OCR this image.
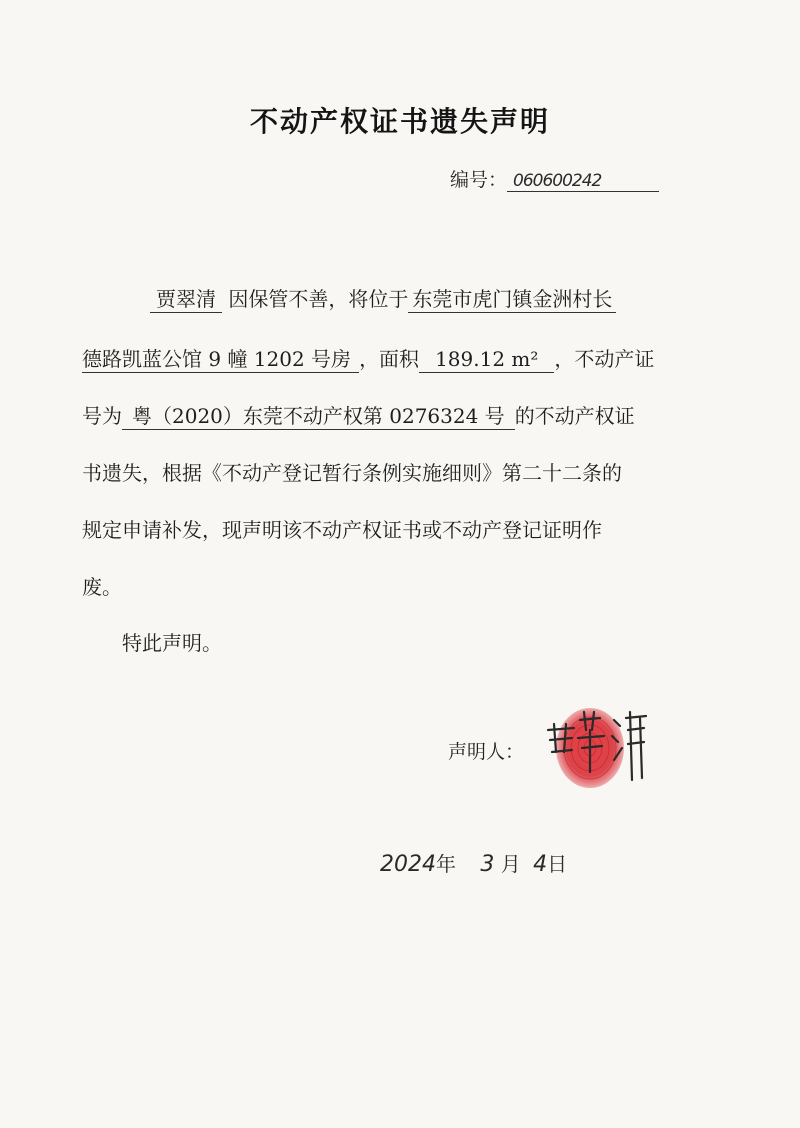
不动产权证书遗失声明
编号： 060600242
贾翠清 因保管不善，将位于 东莞市虎门镇金洲村长
德路凯蓝公馆 9 幢 1202 号房 ，面积 189.12 m² ，不动产证
号为 粤（2020）东莞不动产权第 0276324 号 的不动产权证
书遗失，根据《不动产登记暂行条例实施细则》第二十二条的
规定申请补发，现声明该不动产权证书或不动产登记证明作
废。
特此声明。
声明人：
2024年 3 月 4日
